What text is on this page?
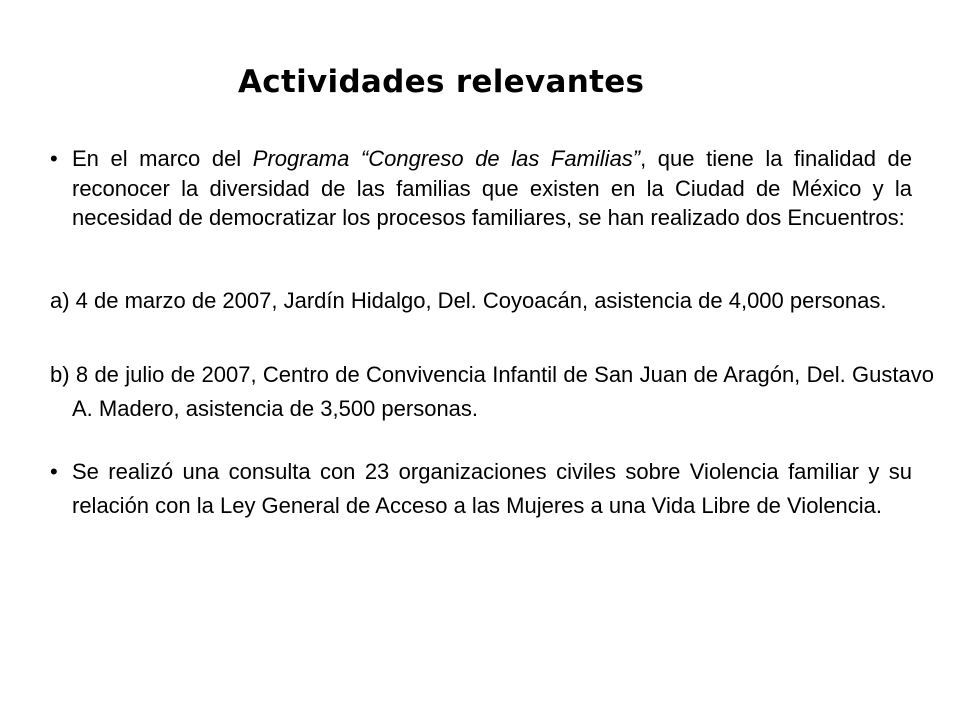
Actividades relevantes
• En el marco del Programa “Congreso de las Familias”, que tiene la finalidad de reconocer la diversidad de las familias que existen en la Ciudad de México y la necesidad de democratizar los procesos familiares, se han realizado dos Encuentros:
a) 4 de marzo de 2007, Jardín Hidalgo, Del. Coyoacán, asistencia de 4,000 personas.
b) 8 de julio de 2007, Centro de Convivencia Infantil de San Juan de Aragón, Del. Gustavo A. Madero, asistencia de 3,500 personas.
• Se realizó una consulta con 23 organizaciones civiles sobre Violencia familiar y su relación con la Ley General de Acceso a las Mujeres a una Vida Libre de Violencia.
